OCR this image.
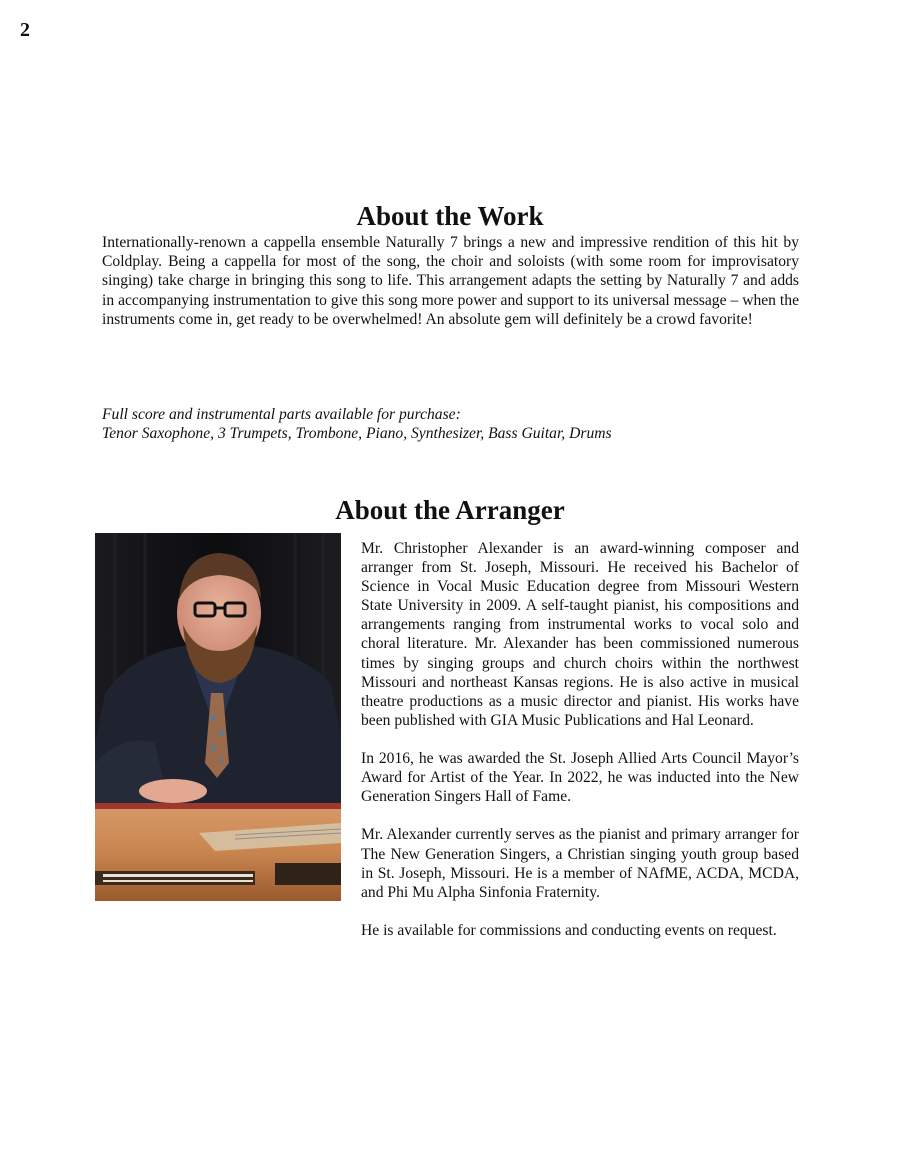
2
About the Work

Internationally-renown a cappella ensemble Naturally 7 brings a new and impressive rendition of this hit by Coldplay. Being a cappella for most of the song, the choir and soloists (with some room for improvisatory singing) take charge in bringing this song to life. This arrangement adapts the setting by Naturally 7 and adds in accompanying instrumentation to give this song more power and support to its universal message – when the instruments come in, get ready to be overwhelmed! An absolute gem will definitely be a crowd favorite!

Full score and instrumental parts available for purchase:
Tenor Saxophone, 3 Trumpets, Trombone, Piano, Synthesizer, Bass Guitar, Drums

About the Arranger

Mr. Christopher Alexander is an award-winning composer and arranger from St. Joseph, Missouri. He received his Bachelor of Science in Vocal Music Education degree from Missouri Western State University in 2009. A self-taught pianist, his compositions and arrangements ranging from instrumental works to vocal solo and choral literature. Mr. Alexander has been commissioned numerous times by singing groups and church choirs within the northwest Missouri and northeast Kansas regions. He is also active in musical theatre productions as a music director and pianist. His works have been published with GIA Music Publications and Hal Leonard.

In 2016, he was awarded the St. Joseph Allied Arts Council Mayor’s Award for Artist of the Year. In 2022, he was inducted into the New Generation Singers Hall of Fame.

Mr. Alexander currently serves as the pianist and primary arranger for The New Generation Singers, a Christian singing youth group based in St. Joseph, Missouri. He is a member of NAfME, ACDA, MCDA, and Phi Mu Alpha Sinfonia Fraternity.

He is available for commissions and conducting events on request.
